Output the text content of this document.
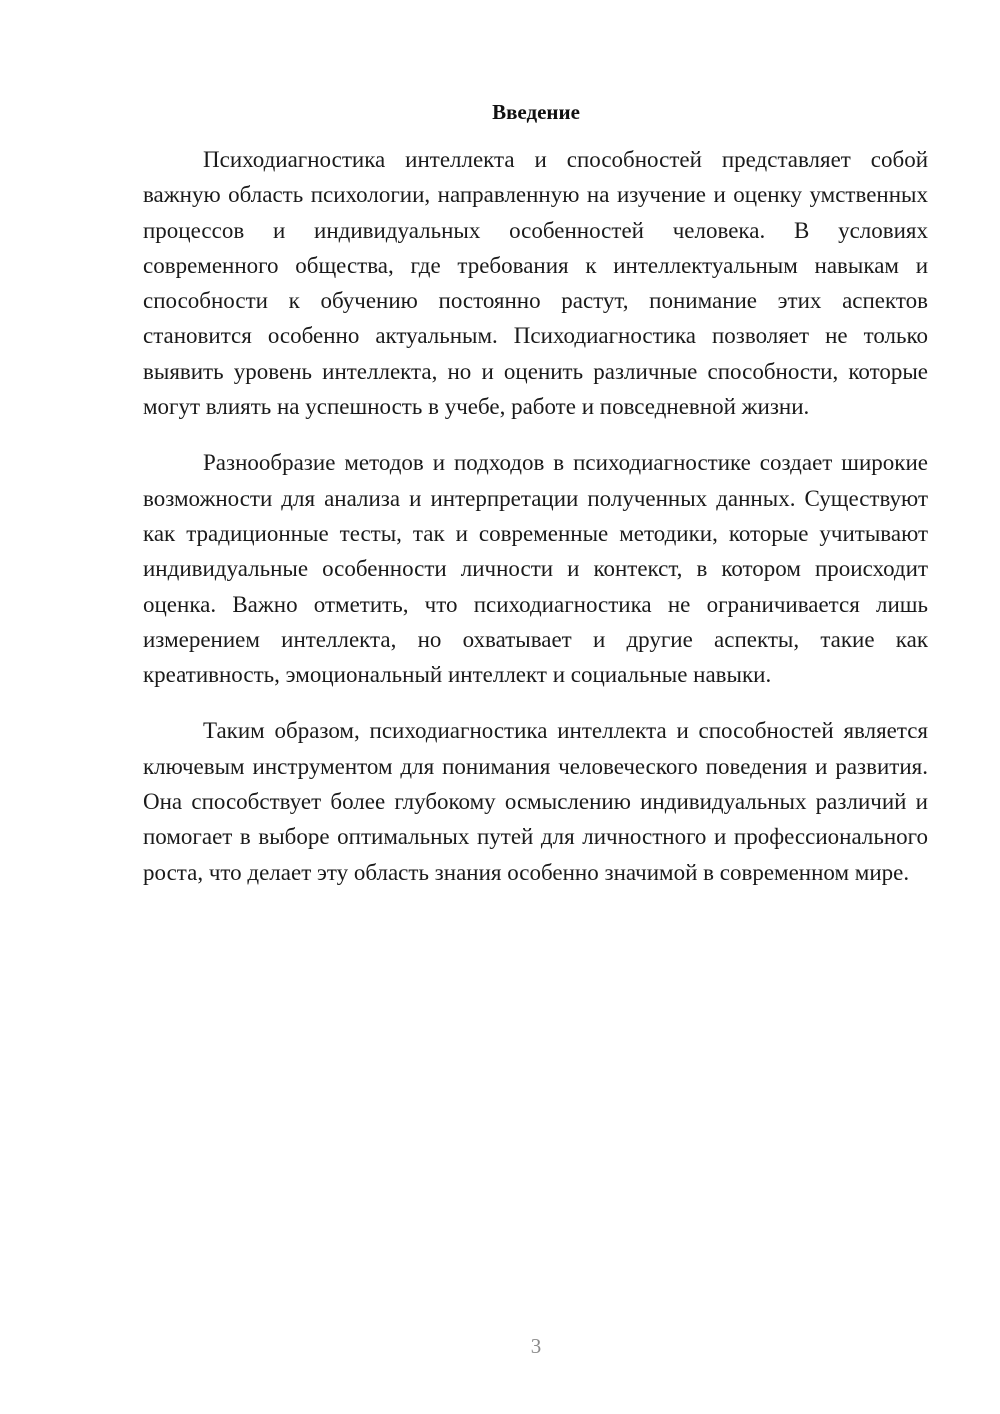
Введение

Психодиагностика интеллекта и способностей представляет собой важную область психологии, направленную на изучение и оценку умственных процессов и индивидуальных особенностей человека. В условиях современного общества, где требования к интеллектуальным навыкам и способности к обучению постоянно растут, понимание этих аспектов становится особенно актуальным. Психодиагностика позволяет не только выявить уровень интеллекта, но и оценить различные способности, которые могут влиять на успешность в учебе, работе и повседневной жизни.

Разнообразие методов и подходов в психодиагностике создает широкие возможности для анализа и интерпретации полученных данных. Существуют как традиционные тесты, так и современные методики, которые учитывают индивидуальные особенности личности и контекст, в котором происходит оценка. Важно отметить, что психодиагностика не ограничивается лишь измерением интеллекта, но охватывает и другие аспекты, такие как креативность, эмоциональный интеллект и социальные навыки.

Таким образом, психодиагностика интеллекта и способностей является ключевым инструментом для понимания человеческого поведения и развития. Она способствует более глубокому осмыслению индивидуальных различий и помогает в выборе оптимальных путей для личностного и профессионального роста, что делает эту область знания особенно значимой в современном мире.

3
